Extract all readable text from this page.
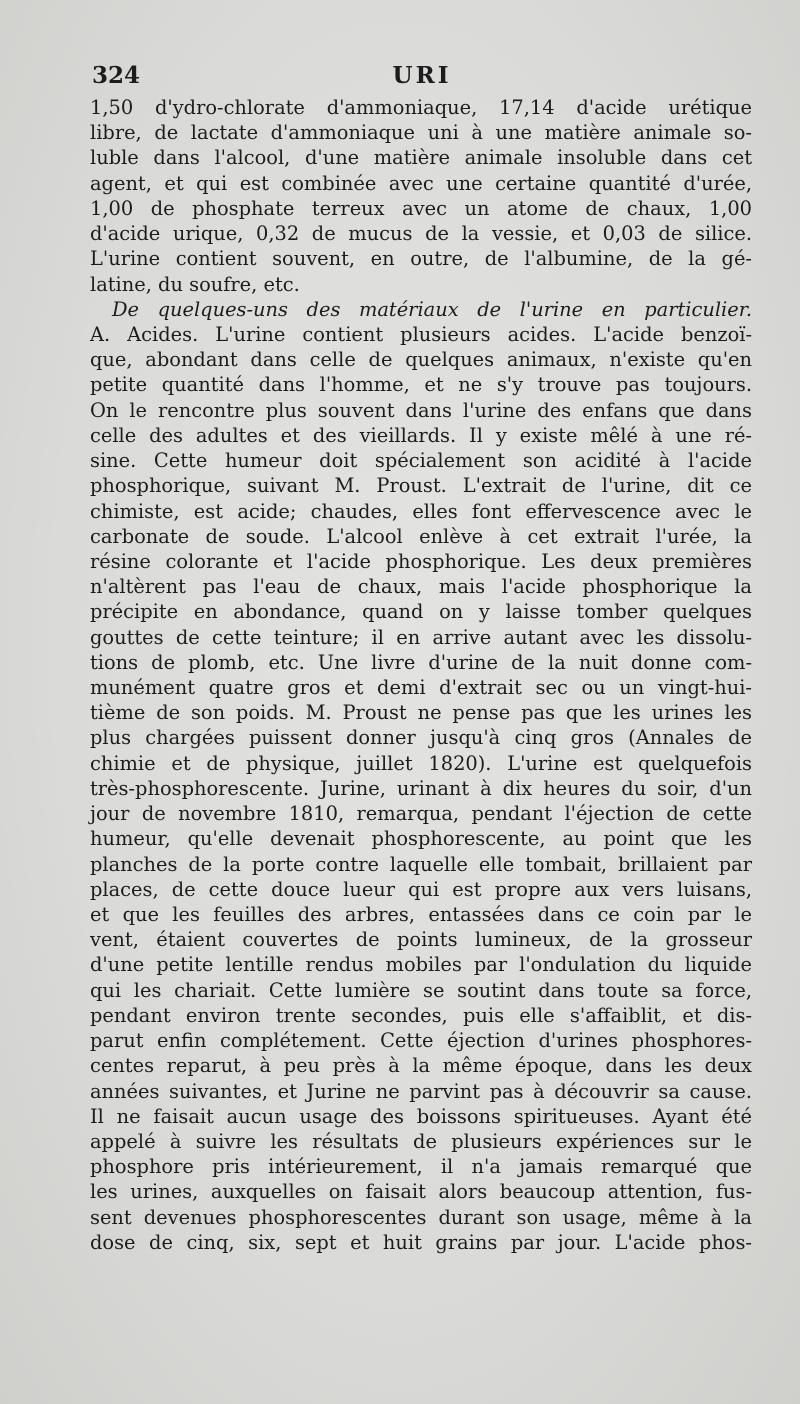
324	URI
1,50 d'ydro-chlorate d'ammoniaque, 17,14 d'acide urétique
libre, de lactate d'ammoniaque uni à une matière animale so-
luble dans l'alcool, d'une matière animale insoluble dans cet
agent, et qui est combinée avec une certaine quantité d'urée,
1,00 de phosphate terreux avec un atome de chaux, 1,00
d'acide urique, 0,32 de mucus de la vessie, et 0,03 de silice.
L'urine contient souvent, en outre, de l'albumine, de la gé-
latine, du soufre, etc.
De quelques-uns des matériaux de l'urine en particulier.
A. Acides. L'urine contient plusieurs acides. L'acide benzoï-
que, abondant dans celle de quelques animaux, n'existe qu'en
petite quantité dans l'homme, et ne s'y trouve pas toujours.
On le rencontre plus souvent dans l'urine des enfans que dans
celle des adultes et des vieillards. Il y existe mêlé à une ré-
sine. Cette humeur doit spécialement son acidité à l'acide
phosphorique, suivant M. Proust. L'extrait de l'urine, dit ce
chimiste, est acide; chaudes, elles font effervescence avec le
carbonate de soude. L'alcool enlève à cet extrait l'urée, la
résine colorante et l'acide phosphorique. Les deux premières
n'altèrent pas l'eau de chaux, mais l'acide phosphorique la
précipite en abondance, quand on y laisse tomber quelques
gouttes de cette teinture; il en arrive autant avec les dissolu-
tions de plomb, etc. Une livre d'urine de la nuit donne com-
munément quatre gros et demi d'extrait sec ou un vingt-hui-
tième de son poids. M. Proust ne pense pas que les urines les
plus chargées puissent donner jusqu'à cinq gros (Annales de
chimie et de physique, juillet 1820). L'urine est quelquefois
très-phosphorescente. Jurine, urinant à dix heures du soir, d'un
jour de novembre 1810, remarqua, pendant l'éjection de cette
humeur, qu'elle devenait phosphorescente, au point que les
planches de la porte contre laquelle elle tombait, brillaient par
places, de cette douce lueur qui est propre aux vers luisans,
et que les feuilles des arbres, entassées dans ce coin par le
vent, étaient couvertes de points lumineux, de la grosseur
d'une petite lentille rendus mobiles par l'ondulation du liquide
qui les chariait. Cette lumière se soutint dans toute sa force,
pendant environ trente secondes, puis elle s'affaiblit, et dis-
parut enfin complétement. Cette éjection d'urines phosphores-
centes reparut, à peu près à la même époque, dans les deux
années suivantes, et Jurine ne parvint pas à découvrir sa cause.
Il ne faisait aucun usage des boissons spiritueuses. Ayant été
appelé à suivre les résultats de plusieurs expériences sur le
phosphore pris intérieurement, il n'a jamais remarqué que
les urines, auxquelles on faisait alors beaucoup attention, fus-
sent devenues phosphorescentes durant son usage, même à la
dose de cinq, six, sept et huit grains par jour. L'acide phos-
